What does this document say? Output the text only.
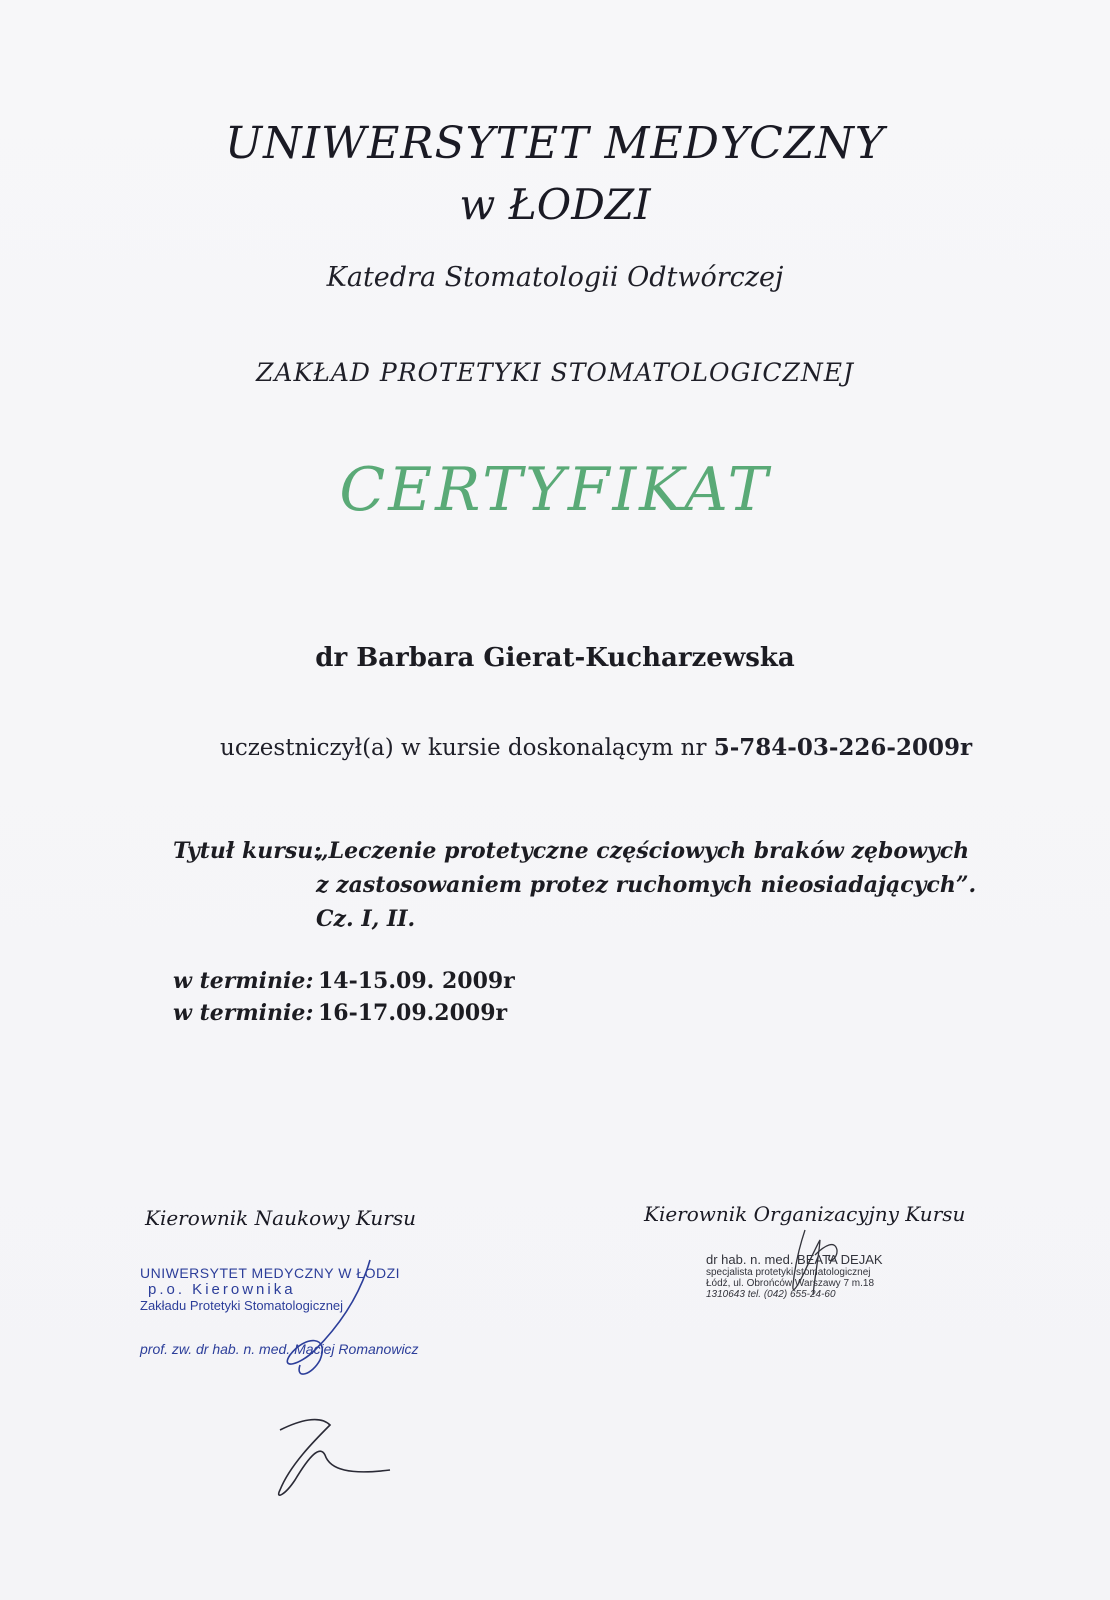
UNIWERSYTET MEDYCZNY
w ŁODZI
Katedra Stomatologii Odtwórczej
ZAKŁAD PROTETYKI STOMATOLOGICZNEJ
CERTYFIKAT
dr Barbara Gierat-Kucharzewska
uczestniczył(a) w kursie doskonalącym nr 5-784-03-226-2009r
Tytuł kursu:
„Leczenie protetyczne częściowych braków zębowych
z zastosowaniem protez ruchomych nieosiadających”.
Cz. I, II.
w terminie: 14-15.09. 2009r
w terminie: 16-17.09.2009r
Kierownik Naukowy Kursu
UNIWERSYTET MEDYCZNY W ŁODZI
p.o. Kierownika
Zakładu Protetyki Stomatologicznej
prof. zw. dr hab. n. med. Maciej Romanowicz
Kierownik Organizacyjny Kursu
dr hab. n. med. BEATA DEJAK
specjalista protetyki stomatologicznej
Łódź, ul. Obrońców Warszawy 7 m.18
1310643 tel. (042) 655-24-60
